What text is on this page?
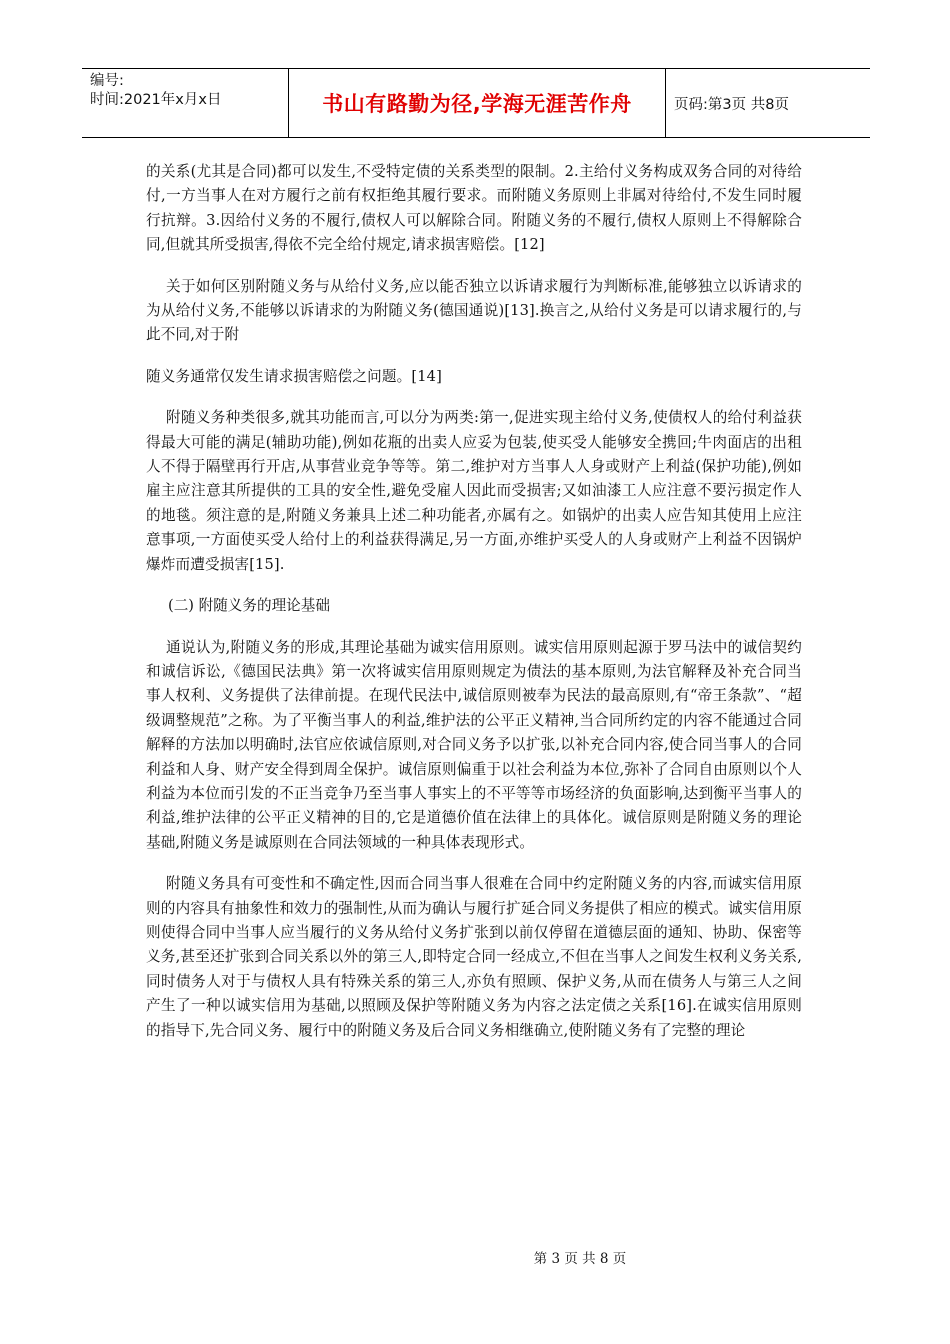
编号:
时间:2021年x月x日	书山有路勤为径,学海无涯苦作舟	页码:第3页 共8页

的关系(尤其是合同)都可以发生,不受特定债的关系类型的限制。2.主给付义务构成双务合同的对待给付,一方当事人在对方履行之前有权拒绝其履行要求。而附随义务原则上非属对待给付,不发生同时履行抗辩。3.因给付义务的不履行,债权人可以解除合同。附随义务的不履行,债权人原则上不得解除合同,但就其所受损害,得依不完全给付规定,请求损害赔偿。[12]

关于如何区别附随义务与从给付义务,应以能否独立以诉请求履行为判断标准,能够独立以诉请求的为从给付义务,不能够以诉请求的为附随义务(德国通说)[13].换言之,从给付义务是可以请求履行的,与此不同,对于附

随义务通常仅发生请求损害赔偿之问题。[14]

附随义务种类很多,就其功能而言,可以分为两类:第一,促进实现主给付义务,使债权人的给付利益获得最大可能的满足(辅助功能),例如花瓶的出卖人应妥为包装,使买受人能够安全携回;牛肉面店的出租人不得于隔壁再行开店,从事营业竞争等等。第二,维护对方当事人人身或财产上利益(保护功能),例如雇主应注意其所提供的工具的安全性,避免受雇人因此而受损害;又如油漆工人应注意不要污损定作人的地毯。须注意的是,附随义务兼具上述二种功能者,亦属有之。如锅炉的出卖人应告知其使用上应注意事项,一方面使买受人给付上的利益获得满足,另一方面,亦维护买受人的人身或财产上利益不因锅炉爆炸而遭受损害[15].

(二) 附随义务的理论基础

通说认为,附随义务的形成,其理论基础为诚实信用原则。诚实信用原则起源于罗马法中的诚信契约和诚信诉讼,《德国民法典》第一次将诚实信用原则规定为债法的基本原则,为法官解释及补充合同当事人权利、义务提供了法律前提。在现代民法中,诚信原则被奉为民法的最高原则,有“帝王条款”、“超级调整规范”之称。为了平衡当事人的利益,维护法的公平正义精神,当合同所约定的内容不能通过合同解释的方法加以明确时,法官应依诚信原则,对合同义务予以扩张,以补充合同内容,使合同当事人的合同利益和人身、财产安全得到周全保护。诚信原则偏重于以社会利益为本位,弥补了合同自由原则以个人利益为本位而引发的不正当竞争乃至当事人事实上的不平等等市场经济的负面影响,达到衡平当事人的利益,维护法律的公平正义精神的目的,它是道德价值在法律上的具体化。诚信原则是附随义务的理论基础,附随义务是诚原则在合同法领域的一种具体表现形式。

附随义务具有可变性和不确定性,因而合同当事人很难在合同中约定附随义务的内容,而诚实信用原则的内容具有抽象性和效力的强制性,从而为确认与履行扩延合同义务提供了相应的模式。诚实信用原则使得合同中当事人应当履行的义务从给付义务扩张到以前仅停留在道德层面的通知、协助、保密等义务,甚至还扩张到合同关系以外的第三人,即特定合同一经成立,不但在当事人之间发生权利义务关系,同时债务人对于与债权人具有特殊关系的第三人,亦负有照顾、保护义务,从而在债务人与第三人之间产生了一种以诚实信用为基础,以照顾及保护等附随义务为内容之法定债之关系[16].在诚实信用原则的指导下,先合同义务、履行中的附随义务及后合同义务相继确立,使附随义务有了完整的理论

第 3 页 共 8 页
